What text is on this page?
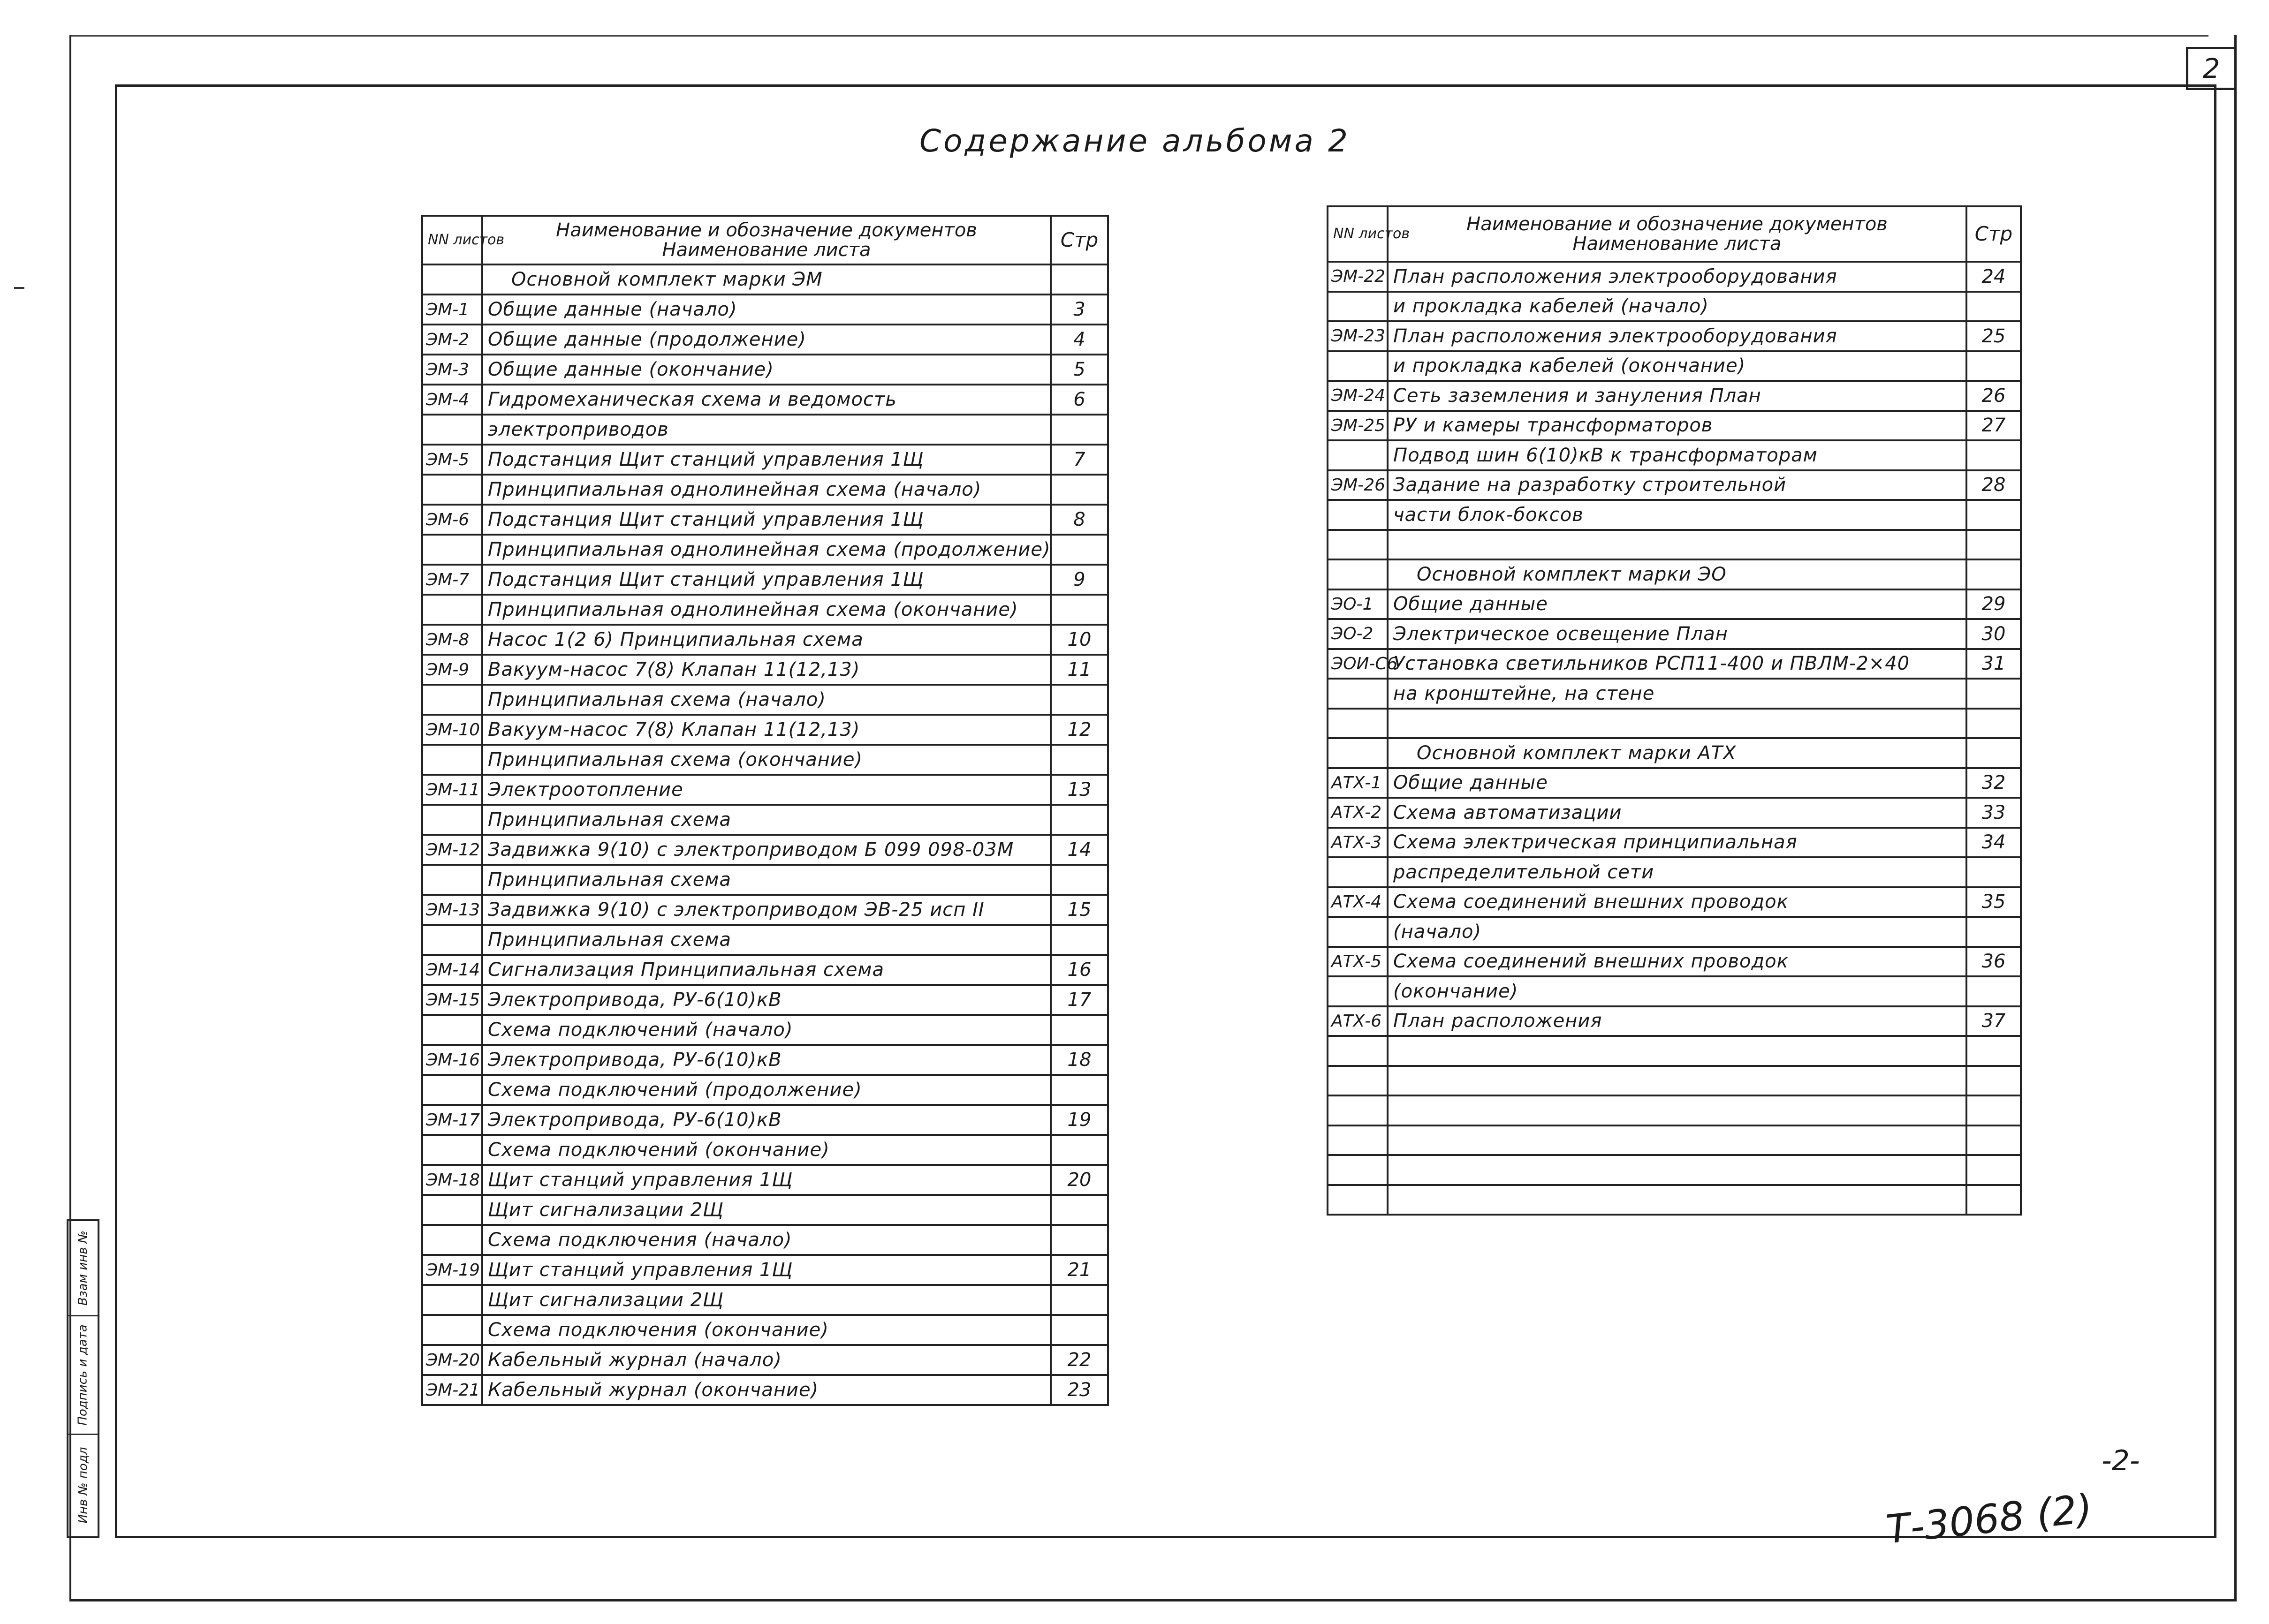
2
Содержание альбома 2
NN листов	Наименование и обозначение документов
Наименование листа	Стр
	Основной комплект марки ЭМ	
ЭМ-1	Общие данные (начало)	3
ЭМ-2	Общие данные (продолжение)	4
ЭМ-3	Общие данные (окончание)	5
ЭМ-4	Гидромеханическая схема и ведомость	6
	электроприводов	
ЭМ-5	Подстанция Щит станций управления 1Щ	7
	Принципиальная однолинейная схема (начало)	
ЭМ-6	Подстанция Щит станций управления 1Щ	8
	Принципиальная однолинейная схема (продолжение)	
ЭМ-7	Подстанция Щит станций управления 1Щ	9
	Принципиальная однолинейная схема (окончание)	
ЭМ-8	Насос 1(2 6) Принципиальная схема	10
ЭМ-9	Вакуум-насос 7(8) Клапан 11(12,13)	11
	Принципиальная схема (начало)	
ЭМ-10	Вакуум-насос 7(8) Клапан 11(12,13)	12
	Принципиальная схема (окончание)	
ЭМ-11	Электроотопление	13
	Принципиальная схема	
ЭМ-12	Задвижка 9(10) с электроприводом Б 099 098-03М	14
	Принципиальная схема	
ЭМ-13	Задвижка 9(10) с электроприводом ЭВ-25 исп II	15
	Принципиальная схема	
ЭМ-14	Сигнализация Принципиальная схема	16
ЭМ-15	Электропривода, РУ-6(10)кВ	17
	Схема подключений (начало)	
ЭМ-16	Электропривода, РУ-6(10)кВ	18
	Схема подключений (продолжение)	
ЭМ-17	Электропривода, РУ-6(10)кВ	19
	Схема подключений (окончание)	
ЭМ-18	Щит станций управления 1Щ	20
	Щит сигнализации 2Щ	
	Схема подключения (начало)	
ЭМ-19	Щит станций управления 1Щ	21
	Щит сигнализации 2Щ	
	Схема подключения (окончание)	
ЭМ-20	Кабельный журнал (начало)	22
ЭМ-21	Кабельный журнал (окончание)	23
NN листов	Наименование и обозначение документов
Наименование листа	Стр
ЭМ-22	План расположения электрооборудования	24
	и прокладка кабелей (начало)	
ЭМ-23	План расположения электрооборудования	25
	и прокладка кабелей (окончание)	
ЭМ-24	Сеть заземления и зануления План	26
ЭМ-25	РУ и камеры трансформаторов	27
	Подвод шин 6(10)кВ к трансформаторам	
ЭМ-26	Задание на разработку строительной	28
	части блок-боксов	

	Основной комплект марки ЭО	
ЭО-1	Общие данные	29
ЭО-2	Электрическое освещение План	30
ЭОИ-С6	Установка светильников РСП11-400 и ПВЛМ-2×40	31
	на кронштейне, на стене	

	Основной комплект марки АТХ	
АТХ-1	Общие данные	32
АТХ-2	Схема автоматизации	33
АТХ-3	Схема электрическая принципиальная	34
	распределительной сети	
АТХ-4	Схема соединений внешних проводок	35
	(начало)	
АТХ-5	Схема соединений внешних проводок	36
	(окончание)	
АТХ-6	План расположения	37

Взам инв №
Подпись и дата
Инв № подл	-2-
Т-3068 (2)
